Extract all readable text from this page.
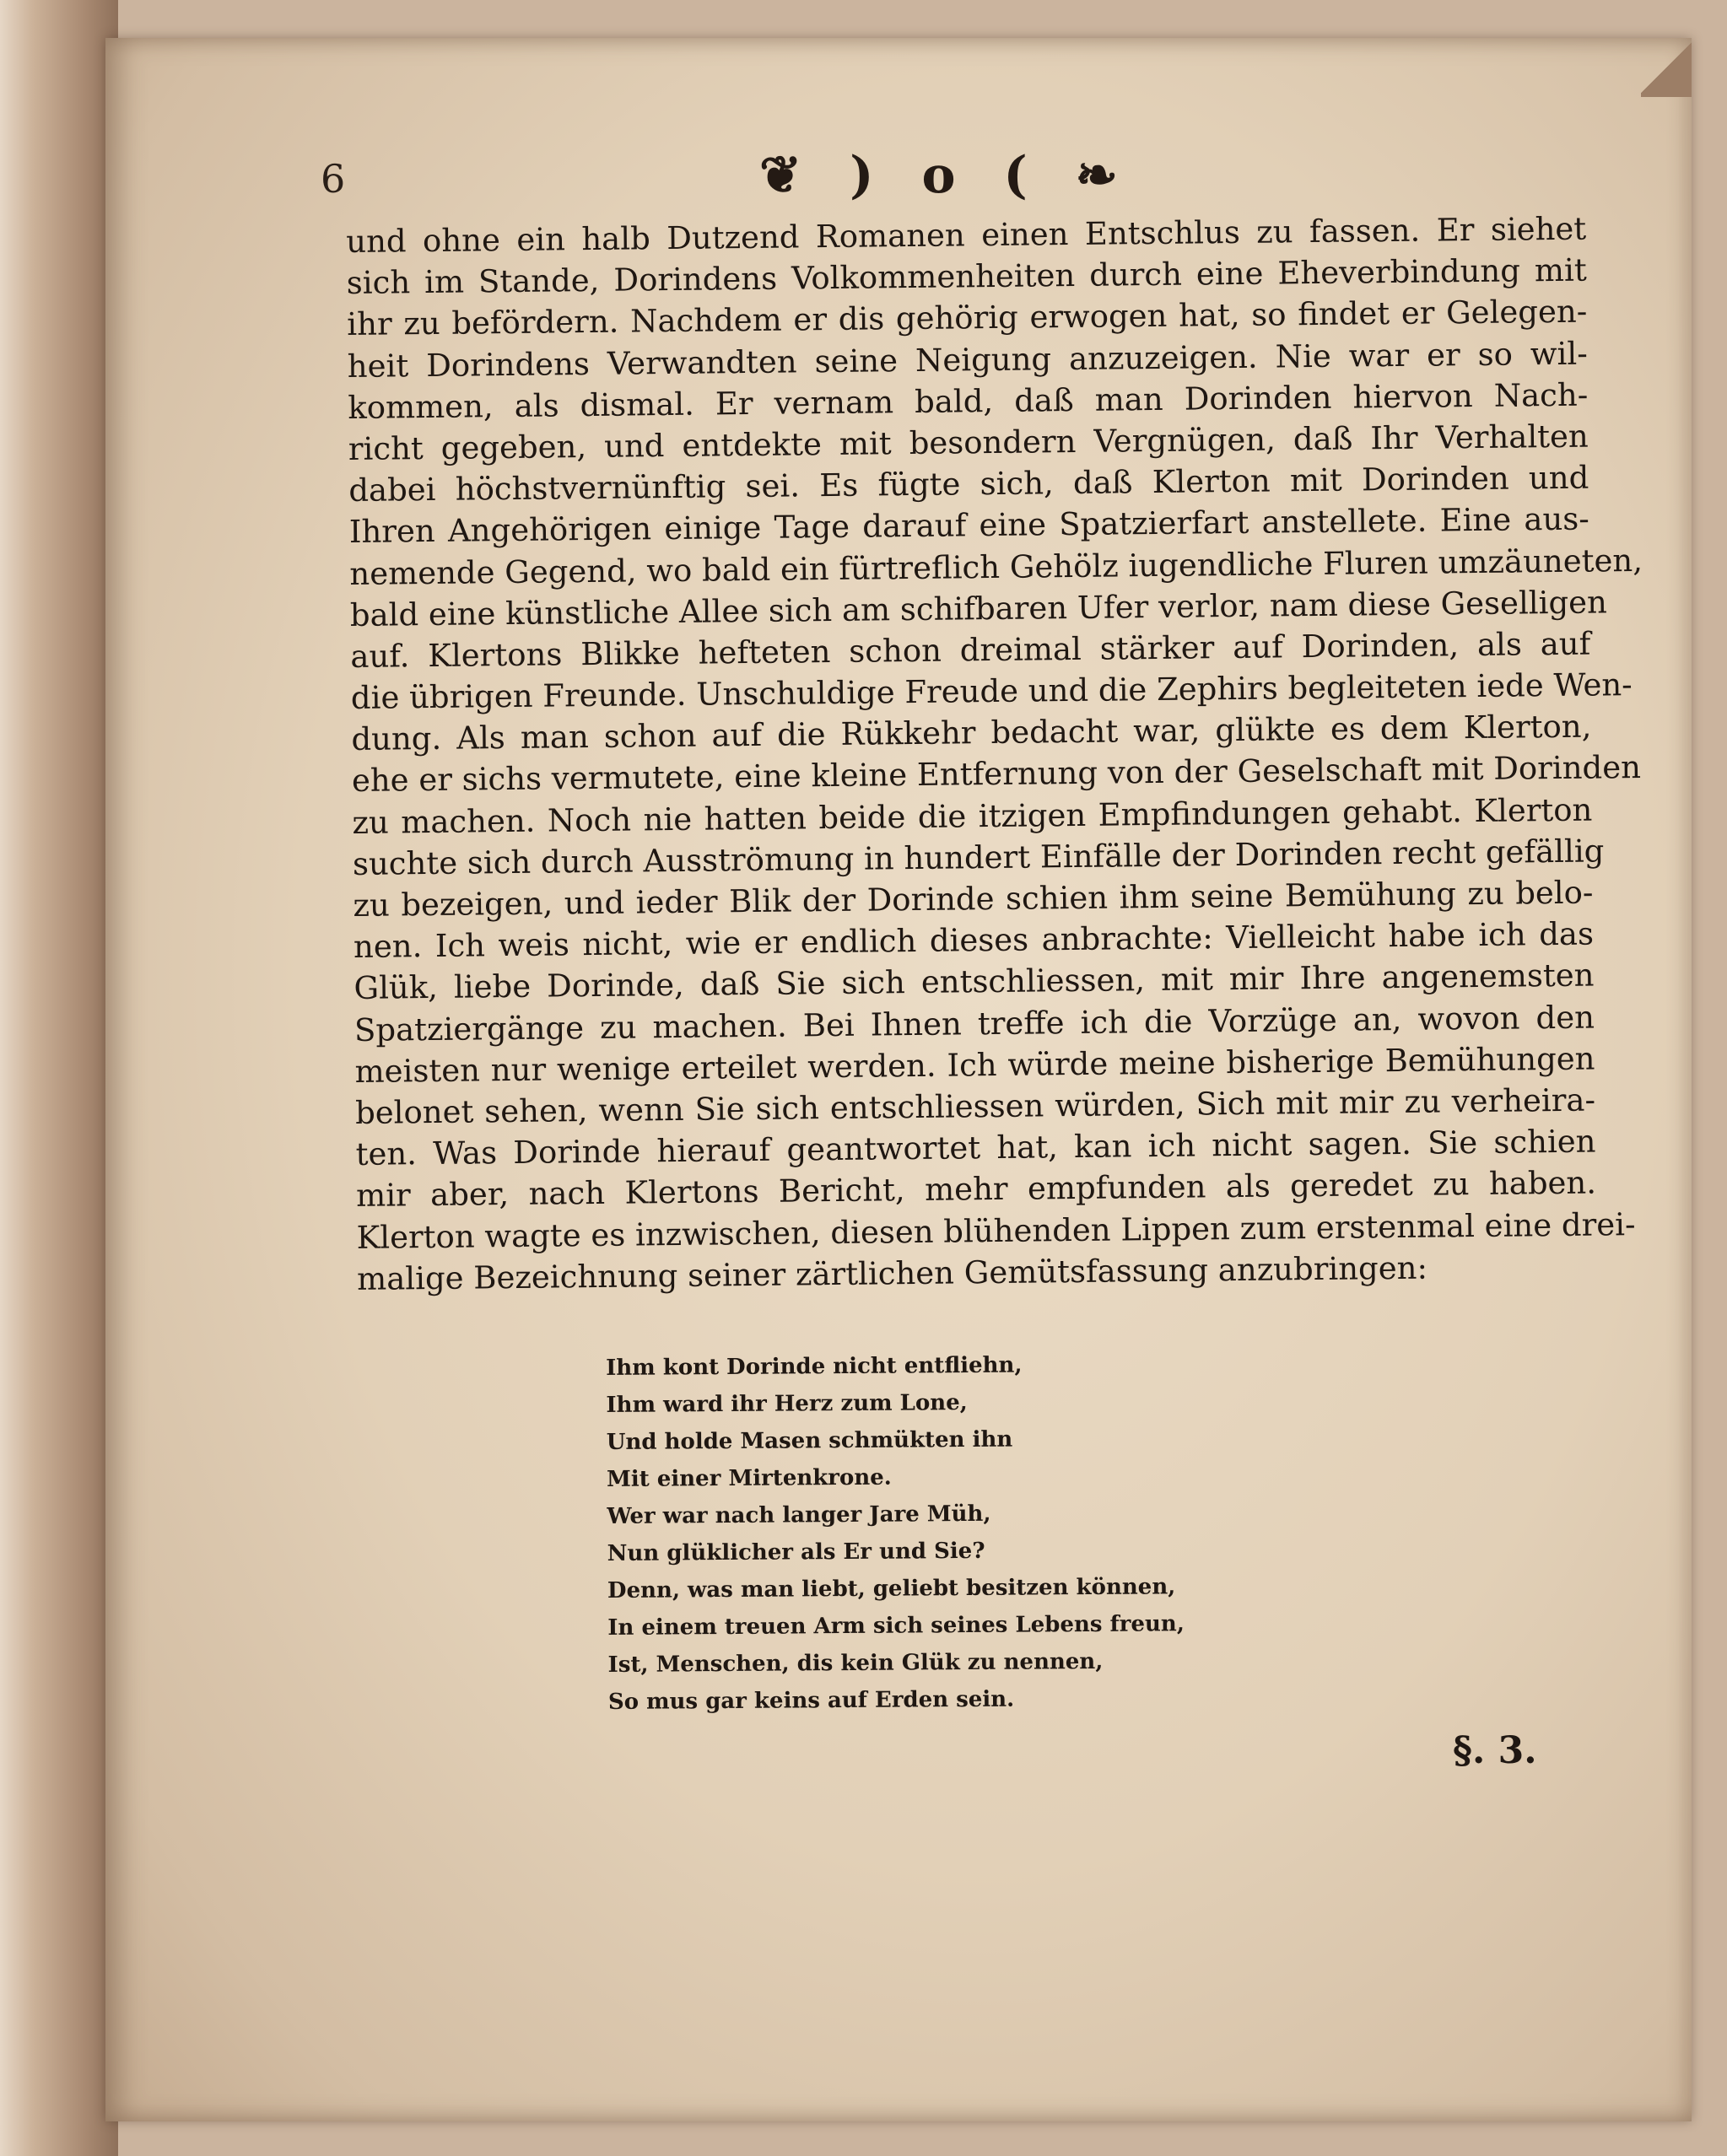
6	❦ ) o ( ❧
und ohne ein halb Dutzend Romanen einen Entschlus zu fassen. Er siehet
sich im Stande, Dorindens Volkommenheiten durch eine Eheverbindung mit
ihr zu befördern. Nachdem er dis gehörig erwogen hat, so findet er Gelegen-
heit Dorindens Verwandten seine Neigung anzuzeigen. Nie war er so wil-
kommen, als dismal. Er vernam bald, daß man Dorinden hiervon Nach-
richt gegeben, und entdekte mit besondern Vergnügen, daß Ihr Verhalten
dabei höchstvernünftig sei. Es fügte sich, daß Klerton mit Dorinden und
Ihren Angehörigen einige Tage darauf eine Spatzierfart anstellete. Eine aus-
nemende Gegend, wo bald ein fürtreflich Gehölz iugendliche Fluren umzäuneten,
bald eine künstliche Allee sich am schifbaren Ufer verlor, nam diese Geselligen
auf. Klertons Blikke hefteten schon dreimal stärker auf Dorinden, als auf
die übrigen Freunde. Unschuldige Freude und die Zephirs begleiteten iede Wen-
dung. Als man schon auf die Rükkehr bedacht war, glükte es dem Klerton,
ehe er sichs vermutete, eine kleine Entfernung von der Geselschaft mit Dorinden
zu machen. Noch nie hatten beide die itzigen Empfindungen gehabt. Klerton
suchte sich durch Ausströmung in hundert Einfälle der Dorinden recht gefällig
zu bezeigen, und ieder Blik der Dorinde schien ihm seine Bemühung zu belo-
nen. Ich weis nicht, wie er endlich dieses anbrachte: Vielleicht habe ich das
Glük, liebe Dorinde, daß Sie sich entschliessen, mit mir Ihre angenemsten
Spatziergänge zu machen. Bei Ihnen treffe ich die Vorzüge an, wovon den
meisten nur wenige erteilet werden. Ich würde meine bisherige Bemühungen
belonet sehen, wenn Sie sich entschliessen würden, Sich mit mir zu verheira-
ten. Was Dorinde hierauf geantwortet hat, kan ich nicht sagen. Sie schien
mir aber, nach Klertons Bericht, mehr empfunden als geredet zu haben.
Klerton wagte es inzwischen, diesen blühenden Lippen zum erstenmal eine drei-
malige Bezeichnung seiner zärtlichen Gemütsfassung anzubringen:
Ihm kont Dorinde nicht entfliehn,
Ihm ward ihr Herz zum Lone,
Und holde Masen schmükten ihn
Mit einer Mirtenkrone.
Wer war nach langer Jare Müh,
Nun glüklicher als Er und Sie?
Denn, was man liebt, geliebt besitzen können,
In einem treuen Arm sich seines Lebens freun,
Ist, Menschen, dis kein Glük zu nennen,
So mus gar keins auf Erden sein.
§. 3.
